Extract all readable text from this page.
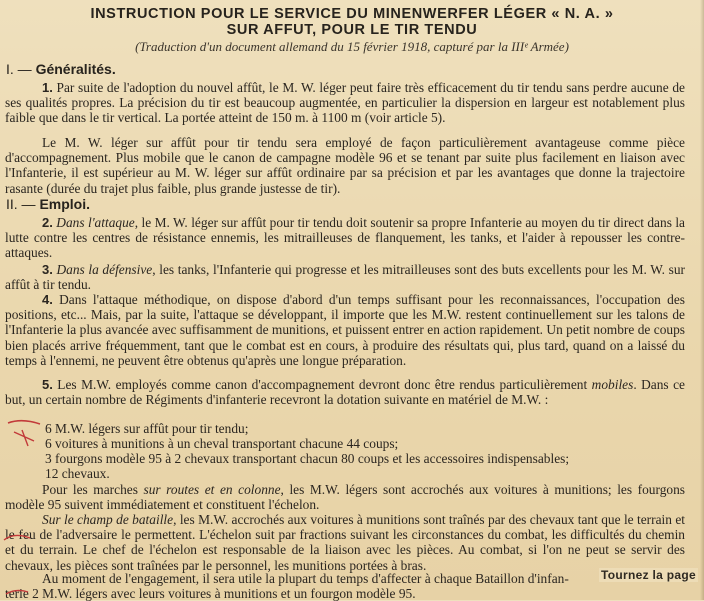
INSTRUCTION POUR LE SERVICE DU MINENWERFER LÉGER « N. A. »
SUR AFFUT, POUR LE TIR TENDU
(Traduction d'un document allemand du 15 février 1918, capturé par la IIIᵉ Armée)
I. — Généralités.
1. Par suite de l'adoption du nouvel affût, le M. W. léger peut faire très efficacement du tir tendu sans perdre aucune de ses qualités propres. La précision du tir est beaucoup augmentée, en particulier la dispersion en largeur est notablement plus faible que dans le tir vertical. La portée atteint de 150 m. à 1100 m (voir article 5).
Le M. W. léger sur affût pour tir tendu sera employé de façon particulièrement avantageuse comme pièce d'accompagnement. Plus mobile que le canon de campagne modèle 96 et se tenant par suite plus facilement en liaison avec l'Infanterie, il est supérieur au M. W. léger sur affût ordinaire par sa précision et par les avantages que donne la trajectoire rasante (durée du trajet plus faible, plus grande justesse de tir).
II. — Emploi.
2. Dans l'attaque, le M. W. léger sur affût pour tir tendu doit soutenir sa propre Infanterie au moyen du tir direct dans la lutte contre les centres de résistance ennemis, les mitrailleuses de flanquement, les tanks, et l'aider à repousser les contre-attaques.
3. Dans la défensive, les tanks, l'Infanterie qui progresse et les mitrailleuses sont des buts excellents pour les M. W. sur affût à tir tendu.
4. Dans l'attaque méthodique, on dispose d'abord d'un temps suffisant pour les reconnaissances, l'occupation des positions, etc... Mais, par la suite, l'attaque se développant, il importe que les M.W. restent continuellement sur les talons de l'Infanterie la plus avancée avec suffisamment de munitions, et puissent entrer en action rapidement. Un petit nombre de coups bien placés arrive fréquemment, tant que le combat est en cours, à produire des résultats qui, plus tard, quand on a laissé du temps à l'ennemi, ne peuvent être obtenus qu'après une longue préparation.
5. Les M.W. employés comme canon d'accompagnement devront donc être rendus particulièrement mobiles. Dans ce but, un certain nombre de Régiments d'infanterie recevront la dotation suivante en matériel de M.W. :
6 M.W. légers sur affût pour tir tendu;
6 voitures à munitions à un cheval transportant chacune 44 coups;
3 fourgons modèle 95 à 2 chevaux transportant chacun 80 coups et les accessoires indispensables;
12 chevaux.
Pour les marches sur routes et en colonne, les M.W. légers sont accrochés aux voitures à munitions; les fourgons modèle 95 suivent immédiatement et constituent l'échelon.
Sur le champ de bataille, les M.W. accrochés aux voitures à munitions sont traînés par des chevaux tant que le terrain et le feu de l'adversaire le permettent. L'échelon suit par fractions suivant les circonstances du combat, les difficultés du chemin et du terrain. Le chef de l'échelon est responsable de la liaison avec les pièces. Au combat, si l'on ne peut se servir des chevaux, les pièces sont traînées par le personnel, les munitions portées à bras.
Au moment de l'engagement, il sera utile la plupart du temps d'affecter à chaque Bataillon d'infan-
terie 2 M.W. légers avec leurs voitures à munitions et un fourgon modèle 95.
Tournez la page
